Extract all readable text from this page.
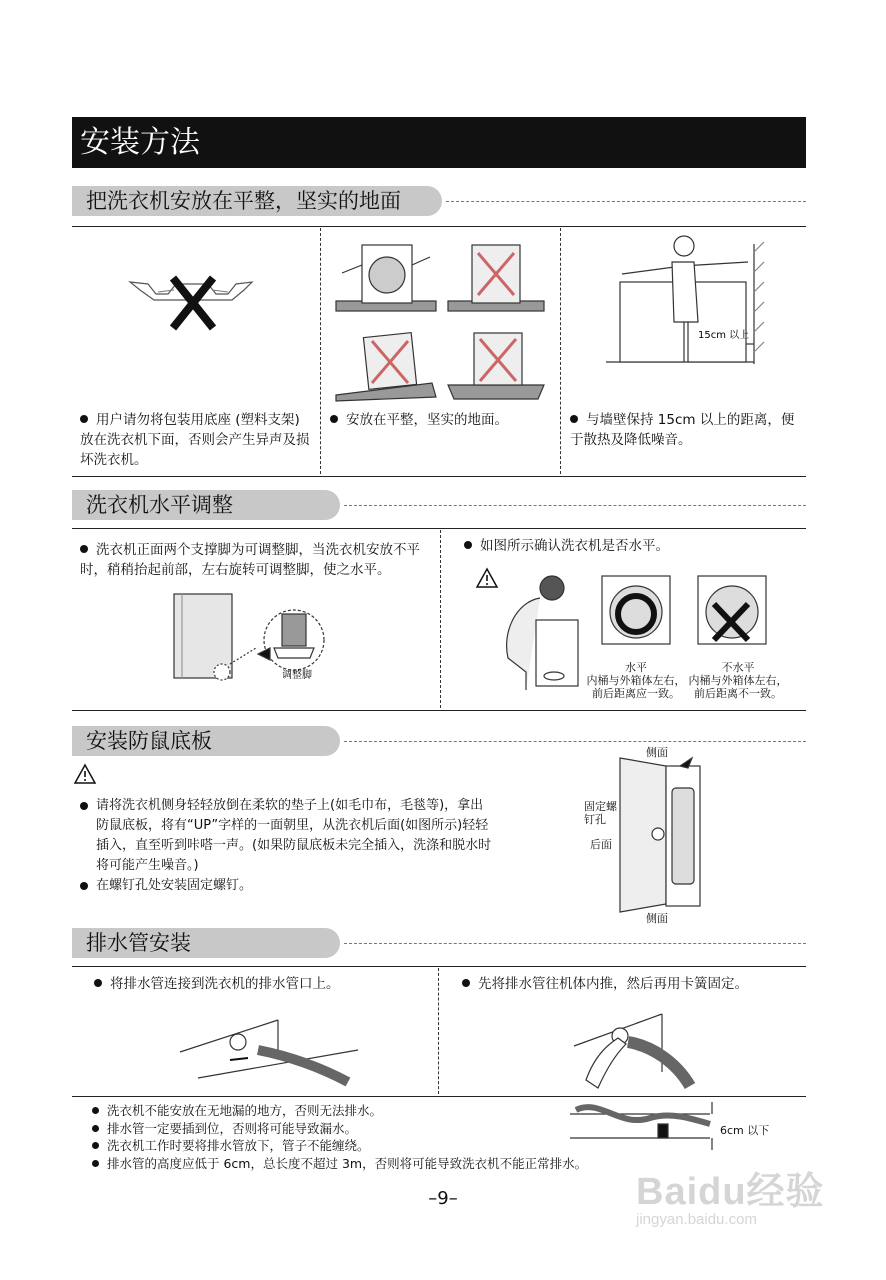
安装方法
把洗衣机安放在平整，坚实的地面
用户请勿将包装用底座 (塑料支架)放在洗衣机下面，否则会产生异声及损坏洗衣机。
安放在平整，坚实的地面。
15cm 以上
与墙壁保持 15cm 以上的距离，便于散热及降低噪音。
洗衣机水平调整
洗衣机正面两个支撑脚为可调整脚，当洗衣机安放不平时，稍稍抬起前部，左右旋转可调整脚，使之水平。
调整脚
如图所示确认洗衣机是否水平。
水平
内桶与外箱体左右，
前后距离应一致。
不水平
内桶与外箱体左右，
前后距离不一致。
安装防鼠底板
请将洗衣机侧身轻轻放倒在柔软的垫子上(如毛巾布，毛毯等)，拿出防鼠底板，将有“UP”字样的一面朝里，从洗衣机后面(如图所示)轻轻插入，直至听到咔嗒一声。(如果防鼠底板未完全插入，洗涤和脱水时将可能产生噪音。)
在螺钉孔处安装固定螺钉。
侧面
固定螺钉孔
后面
侧面
排水管安装
将排水管连接到洗衣机的排水管口上。	先将排水管往机体内推，然后再用卡簧固定。
洗衣机不能安放在无地漏的地方，否则无法排水。
排水管一定要插到位，否则将可能导致漏水。
洗衣机工作时要将排水管放下，管子不能缠绕。
排水管的高度应低于 6cm，总长度不超过 3m，否则将可能导致洗衣机不能正常排水。
6cm 以下
–9–	Baidu经验
jingyan.baidu.com
